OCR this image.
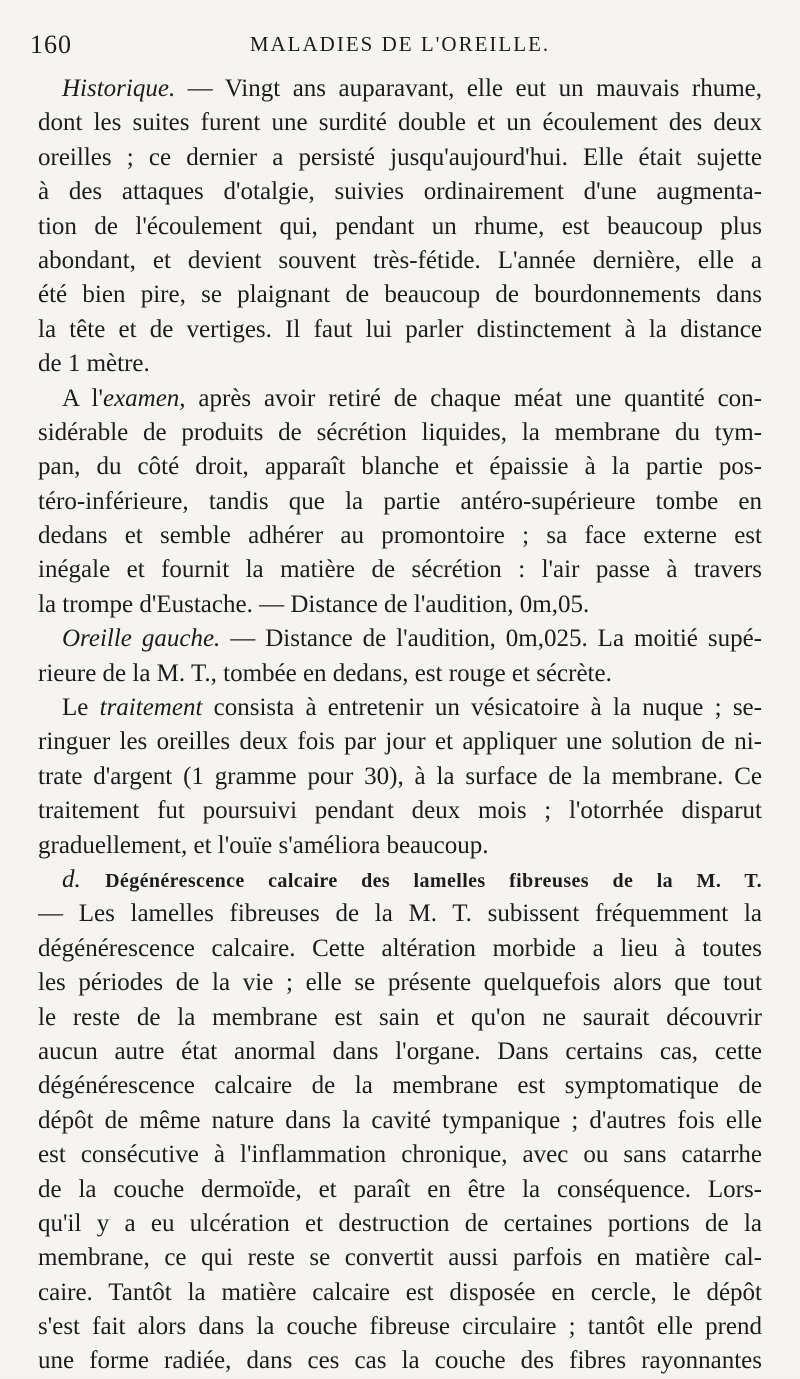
160	MALADIES DE L'OREILLE.
Historique. — Vingt ans auparavant, elle eut un mauvais rhume,
dont les suites furent une surdité double et un écoulement des deux
oreilles ; ce dernier a persisté jusqu'aujourd'hui. Elle était sujette
à des attaques d'otalgie, suivies ordinairement d'une augmenta-
tion de l'écoulement qui, pendant un rhume, est beaucoup plus
abondant, et devient souvent très-fétide. L'année dernière, elle a
été bien pire, se plaignant de beaucoup de bourdonnements dans
la tête et de vertiges. Il faut lui parler distinctement à la distance
de 1 mètre.
A l'examen, après avoir retiré de chaque méat une quantité con-
sidérable de produits de sécrétion liquides, la membrane du tym-
pan, du côté droit, apparaît blanche et épaissie à la partie pos-
téro-inférieure, tandis que la partie antéro-supérieure tombe en
dedans et semble adhérer au promontoire ; sa face externe est
inégale et fournit la matière de sécrétion : l'air passe à travers
la trompe d'Eustache. — Distance de l'audition, 0m,05.
Oreille gauche. — Distance de l'audition, 0m,025. La moitié supé-
rieure de la M. T., tombée en dedans, est rouge et sécrète.
Le traitement consista à entretenir un vésicatoire à la nuque ; se-
ringuer les oreilles deux fois par jour et appliquer une solution de ni-
trate d'argent (1 gramme pour 30), à la surface de la membrane. Ce
traitement fut poursuivi pendant deux mois ; l'otorrhée disparut
graduellement, et l'ouïe s'améliora beaucoup.
d. Dégénérescence calcaire des lamelles fibreuses de la M. T.
— Les lamelles fibreuses de la M. T. subissent fréquemment la
dégénérescence calcaire. Cette altération morbide a lieu à toutes
les périodes de la vie ; elle se présente quelquefois alors que tout
le reste de la membrane est sain et qu'on ne saurait découvrir
aucun autre état anormal dans l'organe. Dans certains cas, cette
dégénérescence calcaire de la membrane est symptomatique de
dépôt de même nature dans la cavité tympanique ; d'autres fois elle
est consécutive à l'inflammation chronique, avec ou sans catarrhe
de la couche dermoïde, et paraît en être la conséquence. Lors-
qu'il y a eu ulcération et destruction de certaines portions de la
membrane, ce qui reste se convertit aussi parfois en matière cal-
caire. Tantôt la matière calcaire est disposée en cercle, le dépôt
s'est fait alors dans la couche fibreuse circulaire ; tantôt elle prend
une forme radiée, dans ces cas la couche des fibres rayonnantes
